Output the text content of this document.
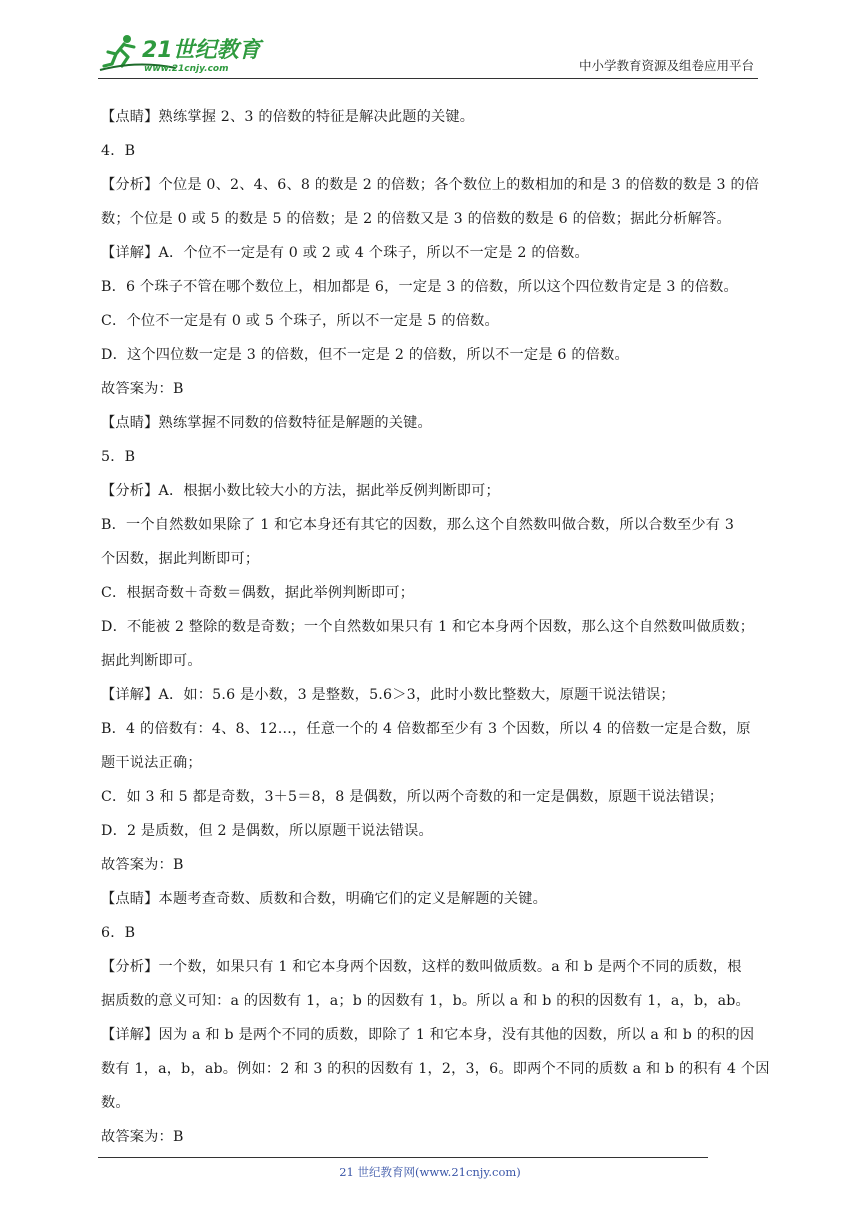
21世纪教育
www.21cnjy.com	中小学教育资源及组卷应用平台
【点睛】熟练掌握 2、3 的倍数的特征是解决此题的关键。
4．B
【分析】个位是 0、2、4、6、8 的数是 2 的倍数；各个数位上的数相加的和是 3 的倍数的数是 3 的倍
数；个位是 0 或 5 的数是 5 的倍数；是 2 的倍数又是 3 的倍数的数是 6 的倍数；据此分析解答。
【详解】A．个位不一定是有 0 或 2 或 4 个珠子，所以不一定是 2 的倍数。
B．6 个珠子不管在哪个数位上，相加都是 6，一定是 3 的倍数，所以这个四位数肯定是 3 的倍数。
C．个位不一定是有 0 或 5 个珠子，所以不一定是 5 的倍数。
D．这个四位数一定是 3 的倍数，但不一定是 2 的倍数，所以不一定是 6 的倍数。
故答案为：B
【点睛】熟练掌握不同数的倍数特征是解题的关键。
5．B
【分析】A．根据小数比较大小的方法，据此举反例判断即可；
B．一个自然数如果除了 1 和它本身还有其它的因数，那么这个自然数叫做合数，所以合数至少有 3
个因数，据此判断即可；
C．根据奇数＋奇数＝偶数，据此举例判断即可；
D．不能被 2 整除的数是奇数；一个自然数如果只有 1 和它本身两个因数，那么这个自然数叫做质数；
据此判断即可。
【详解】A．如：5.6 是小数，3 是整数，5.6＞3，此时小数比整数大，原题干说法错误；
B．4 的倍数有：4、8、12…，任意一个的 4 倍数都至少有 3 个因数，所以 4 的倍数一定是合数，原
题干说法正确；
C．如 3 和 5 都是奇数，3＋5＝8，8 是偶数，所以两个奇数的和一定是偶数，原题干说法错误；
D．2 是质数，但 2 是偶数，所以原题干说法错误。
故答案为：B
【点睛】本题考查奇数、质数和合数，明确它们的定义是解题的关键。
6．B
【分析】一个数，如果只有 1 和它本身两个因数，这样的数叫做质数。a 和 b 是两个不同的质数，根
据质数的意义可知：a 的因数有 1，a；b 的因数有 1，b。所以 a 和 b 的积的因数有 1，a，b，ab。
【详解】因为 a 和 b 是两个不同的质数，即除了 1 和它本身，没有其他的因数，所以 a 和 b 的积的因
数有 1，a，b，ab。例如：2 和 3 的积的因数有 1，2，3，6。即两个不同的质数 a 和 b 的积有 4 个因
数。
故答案为：B
21 世纪教育网(www.21cnjy.com)
